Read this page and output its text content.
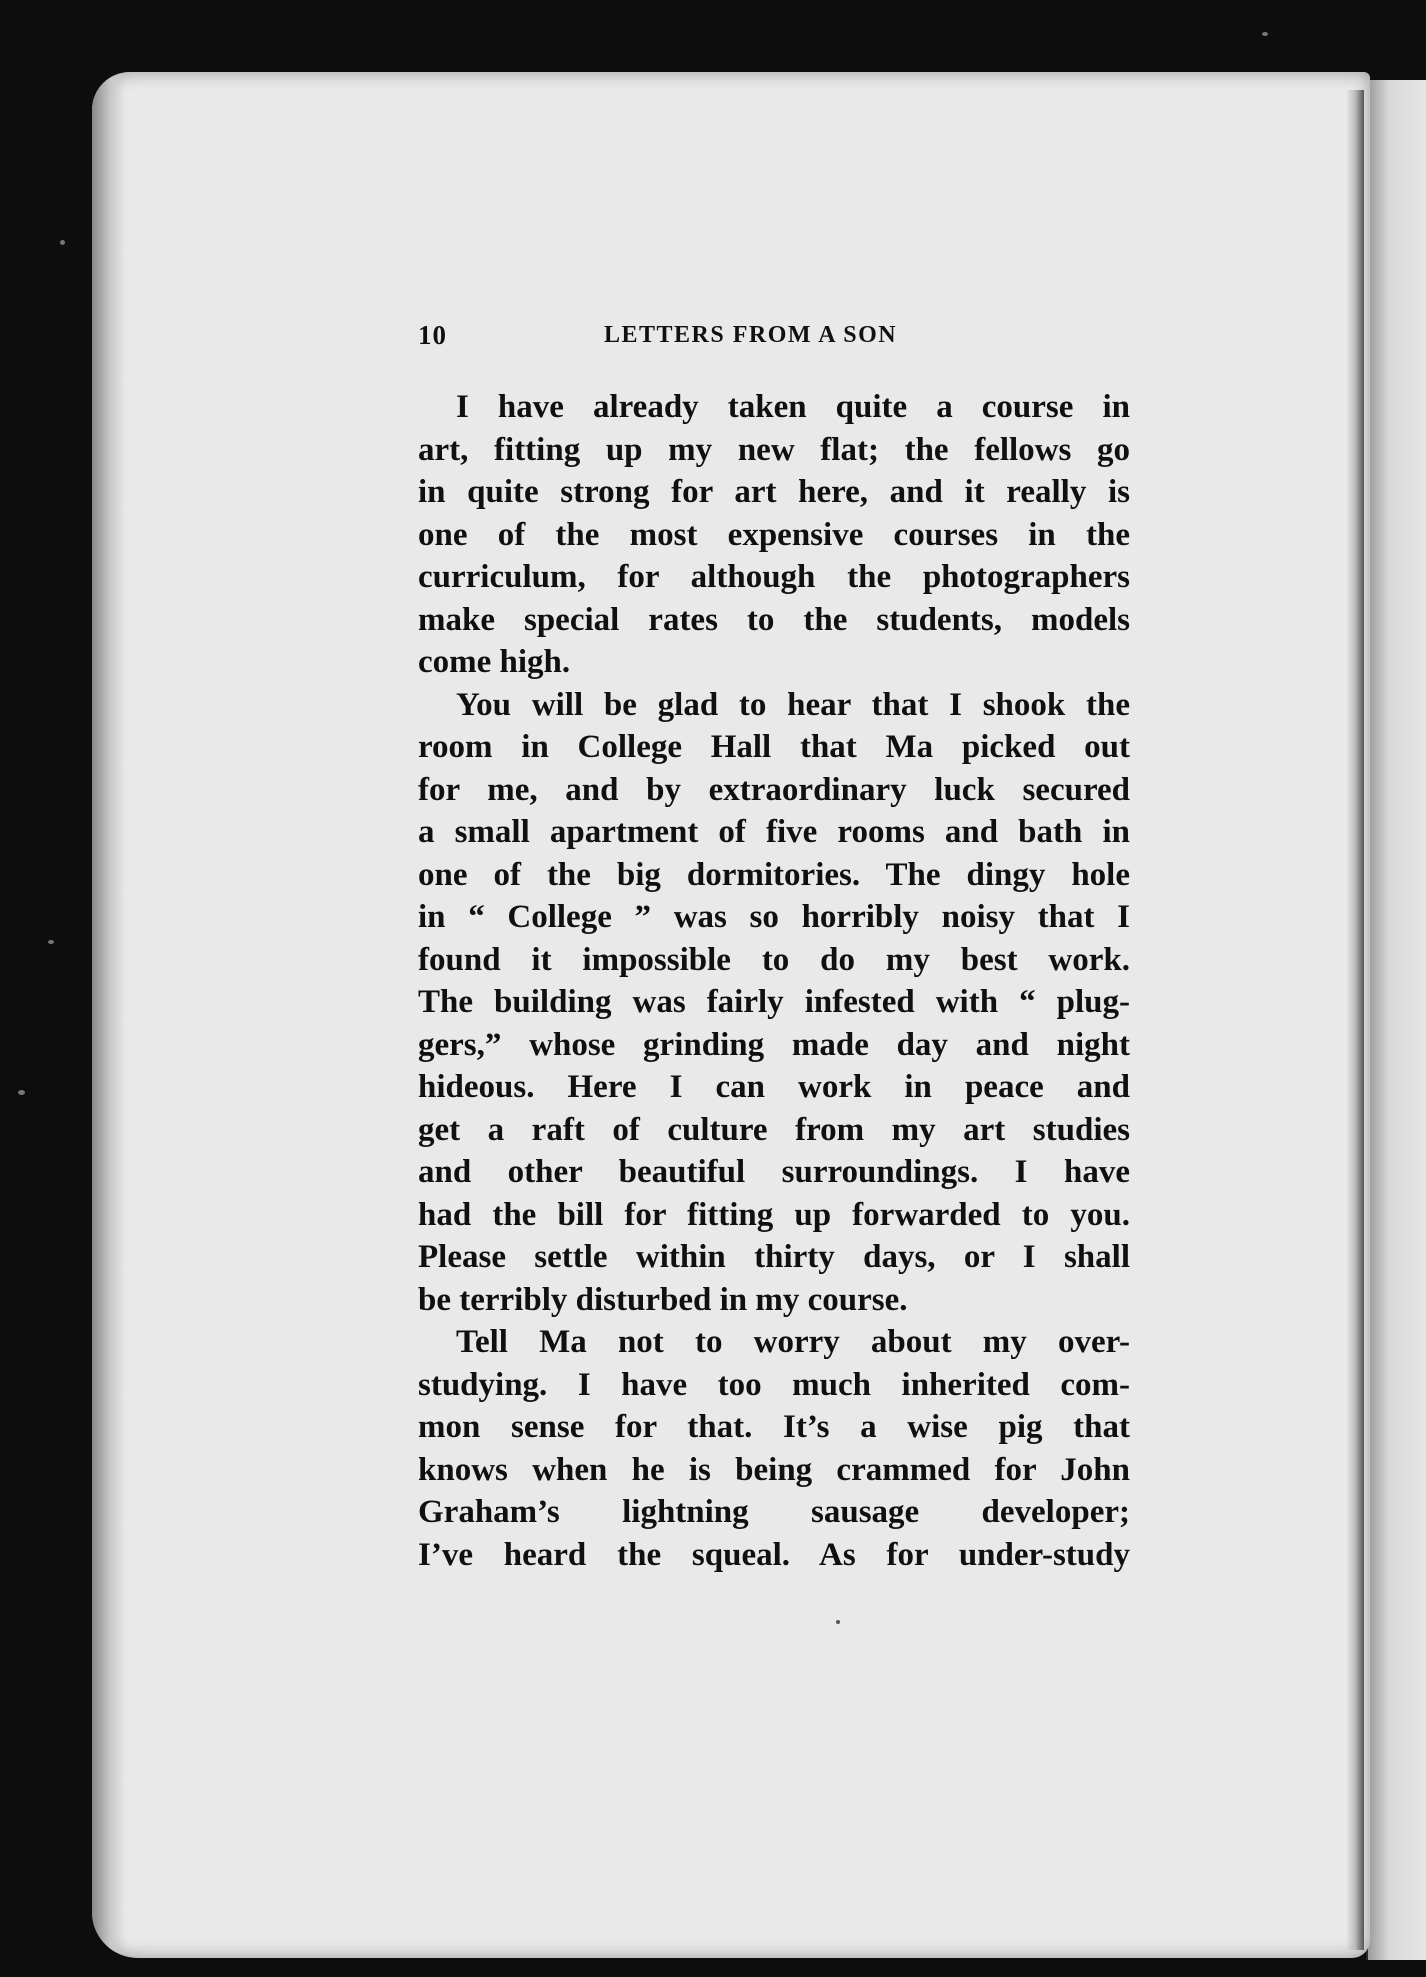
10	LETTERS FROM A SON
I have already taken quite a course in
art, fitting up my new flat; the fellows go
in quite strong for art here, and it really is
one of the most expensive courses in the
curriculum, for although the photographers
make special rates to the students, models
come high.
You will be glad to hear that I shook the
room in College Hall that Ma picked out
for me, and by extraordinary luck secured
a small apartment of five rooms and bath in
one of the big dormitories. The dingy hole
in “ College ” was so horribly noisy that I
found it impossible to do my best work.
The building was fairly infested with “ plug-
gers,” whose grinding made day and night
hideous. Here I can work in peace and
get a raft of culture from my art studies
and other beautiful surroundings. I have
had the bill for fitting up forwarded to you.
Please settle within thirty days, or I shall
be terribly disturbed in my course.
Tell Ma not to worry about my over-
studying. I have too much inherited com-
mon sense for that. It’s a wise pig that
knows when he is being crammed for John
Graham’s lightning sausage developer;
I’ve heard the squeal. As for under-study
